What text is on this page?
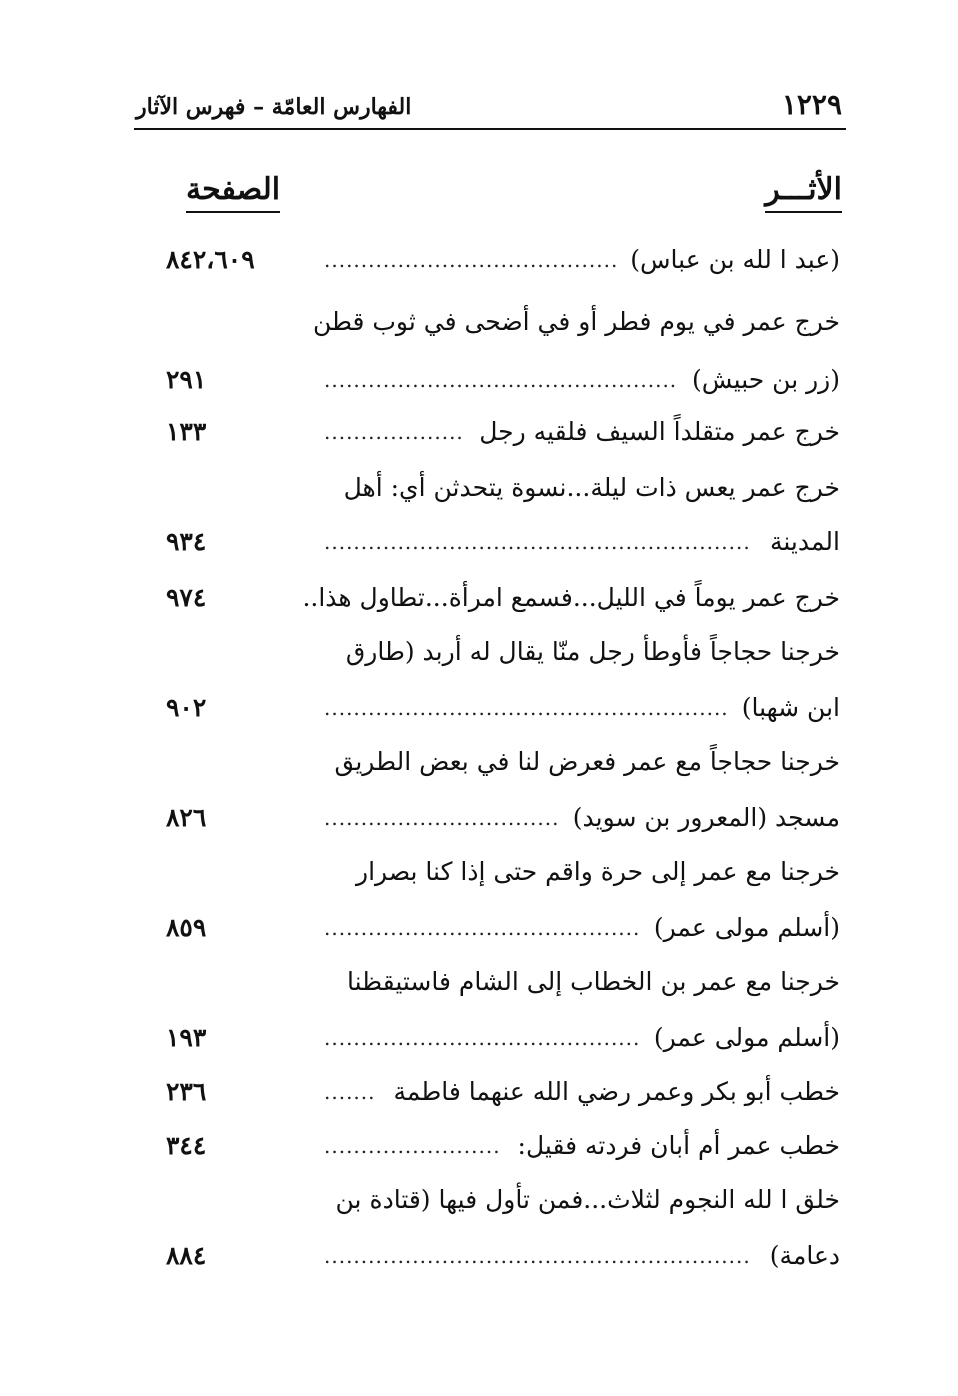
١٢٢٩
الفهارس العامّة – فهرس الآثار
الأثـــر
الصفحة
(عبد ا لله بن عباس)
........................................
٨٤٢،٦٠٩
خرج عمر في يوم فطر أو في أضحى في ثوب قطن
(زر بن حبيش)
................................................
٢٩١
خرج عمر متقلداً السيف فلقيه رجل
...................
١٣٣
خرج عمر يعس ذات ليلة...نسوة يتحدثن أي: أهل
المدينة
..........................................................
٩٣٤
خرج عمر يوماً في الليل...فسمع امرأة...تطاول هذا..
٩٧٤
خرجنا حجاجاً فأوطأ رجل منّا يقال له أربد (طارق
ابن شهبا)
.......................................................
٩٠٢
خرجنا حجاجاً مع عمر فعرض لنا في بعض الطريق
مسجد (المعرور بن سويد)
................................
٨٢٦
خرجنا مع عمر إلى حرة واقم حتى إذا كنا بصرار
(أسلم مولى عمر)
...........................................
٨٥٩
خرجنا مع عمر بن الخطاب إلى الشام فاستيقظنا
(أسلم مولى عمر)
...........................................
١٩٣
خطب أبو بكر وعمر رضي الله عنهما فاطمة
.......
٢٣٦
خطب عمر أم أبان فردته فقيل:
........................
٣٤٤
خلق ا لله النجوم لثلاث...فمن تأول فيها (قتادة بن
دعامة)
..........................................................
٨٨٤
